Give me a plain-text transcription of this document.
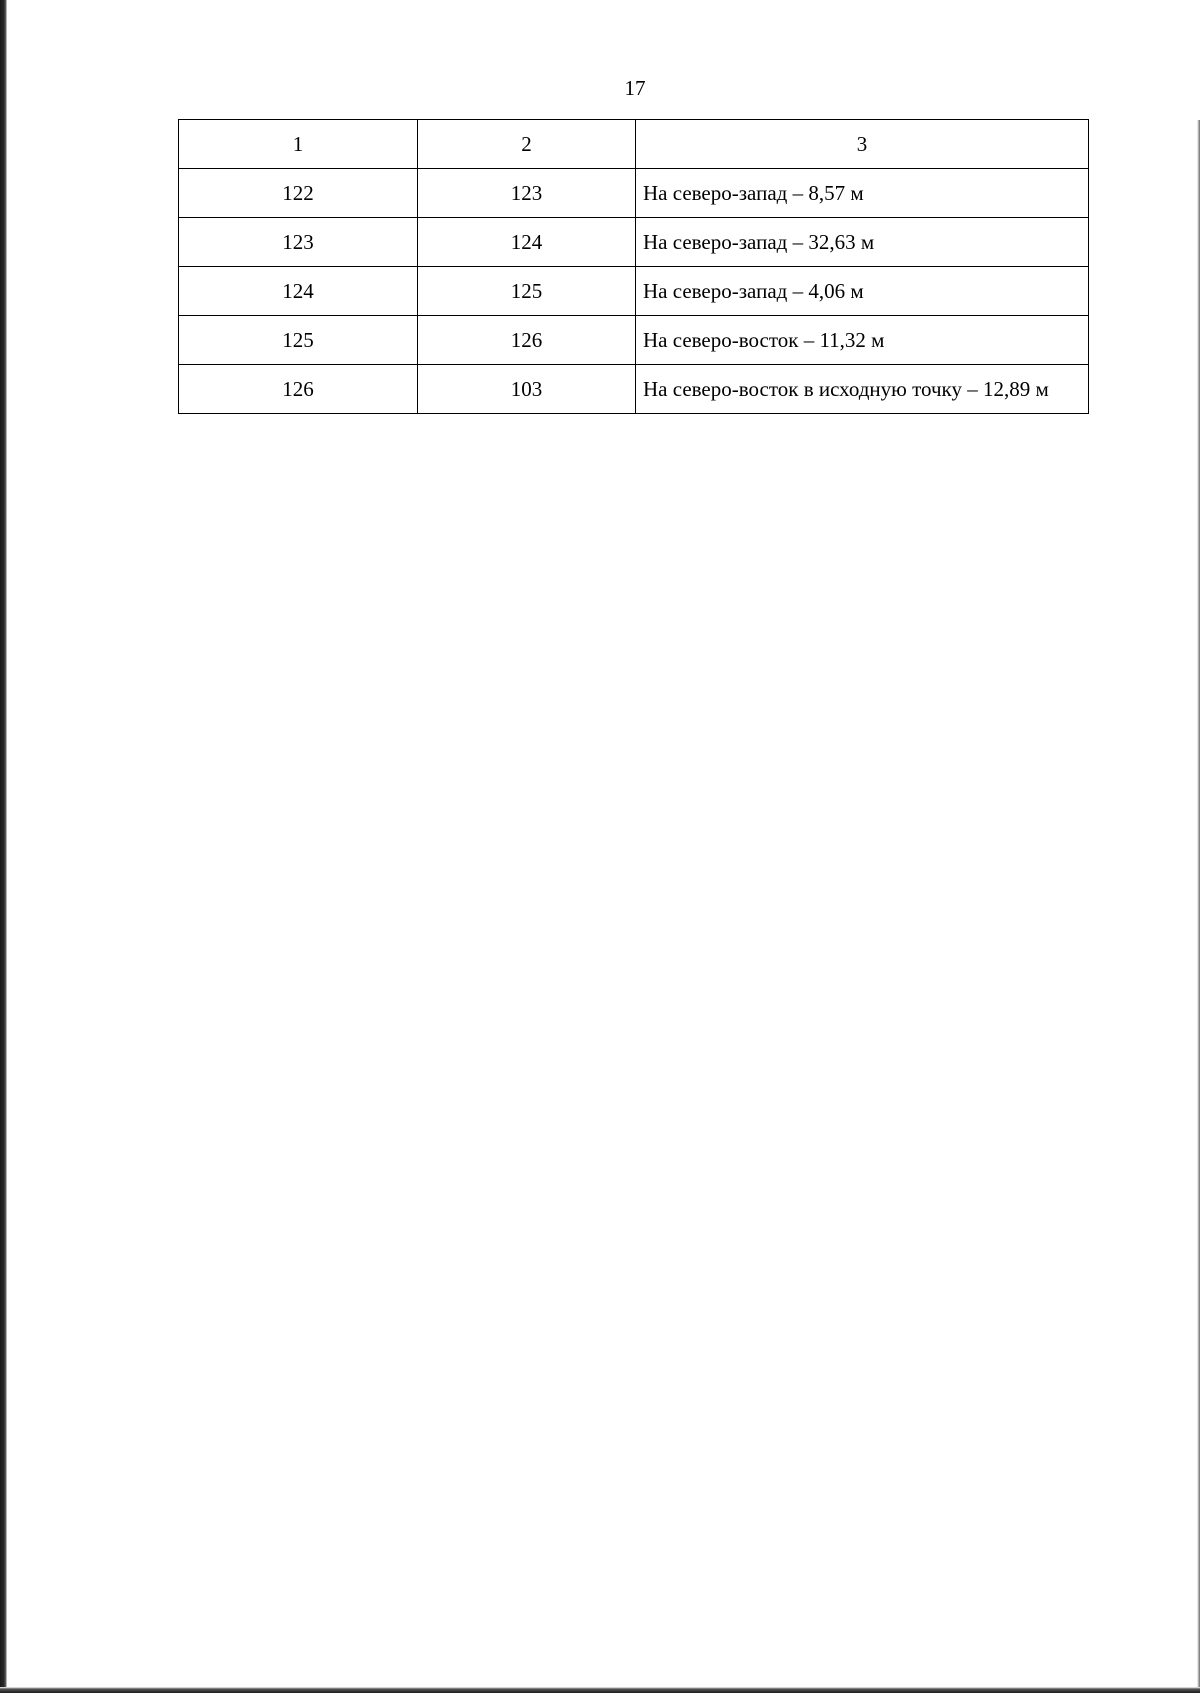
17
1	2	3
122	123	На северо-запад – 8,57 м
123	124	На северо-запад – 32,63 м
124	125	На северо-запад – 4,06 м
125	126	На северо-восток – 11,32 м
126	103	На северо-восток в исходную точку – 12,89 м
